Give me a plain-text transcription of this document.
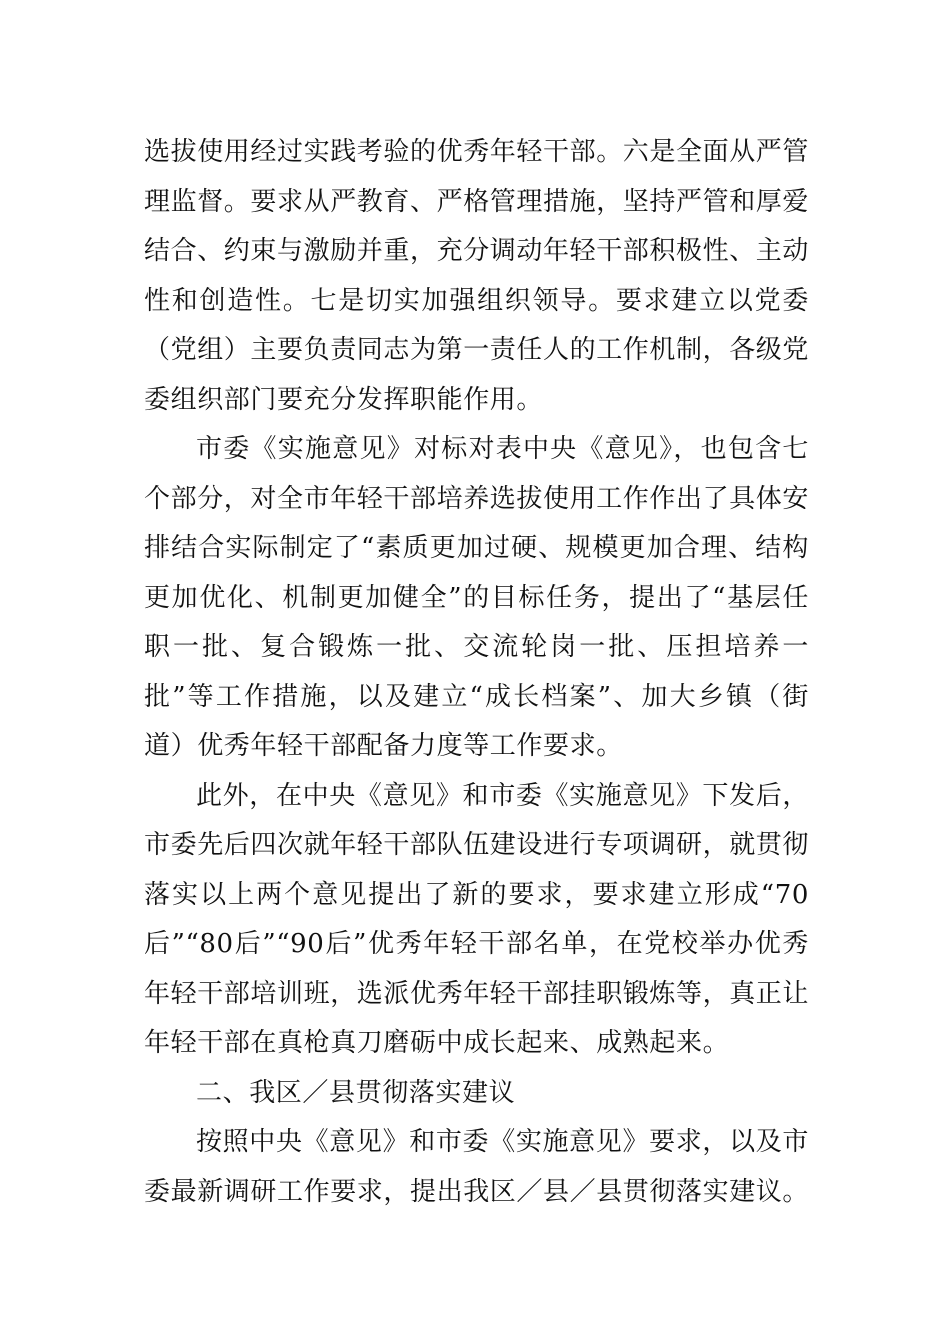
选拔使用经过实践考验的优秀年轻干部。六是全面从严管理监督。要求从严教育、严格管理措施，坚持严管和厚爱结合、约束与激励并重，充分调动年轻干部积极性、主动性和创造性。七是切实加强组织领导。要求建立以党委（党组）主要负责同志为第一责任人的工作机制，各级党委组织部门要充分发挥职能作用。

市委《实施意见》对标对表中央《意见》，也包含七个部分，对全市年轻干部培养选拔使用工作作出了具体安排结合实际制定了“素质更加过硬、规模更加合理、结构更加优化、机制更加健全”的目标任务，提出了“基层任职一批、复合锻炼一批、交流轮岗一批、压担培养一批”等工作措施，以及建立“成长档案”、加大乡镇（街道）优秀年轻干部配备力度等工作要求。

此外，在中央《意见》和市委《实施意见》下发后，市委先后四次就年轻干部队伍建设进行专项调研，就贯彻落实以上两个意见提出了新的要求，要求建立形成“70后”“80后”“90后”优秀年轻干部名单，在党校举办优秀年轻干部培训班，选派优秀年轻干部挂职锻炼等，真正让年轻干部在真枪真刀磨砺中成长起来、成熟起来。

二、我区／县贯彻落实建议

按照中央《意见》和市委《实施意见》要求，以及市委最新调研工作要求，提出我区／县／县贯彻落实建议。
